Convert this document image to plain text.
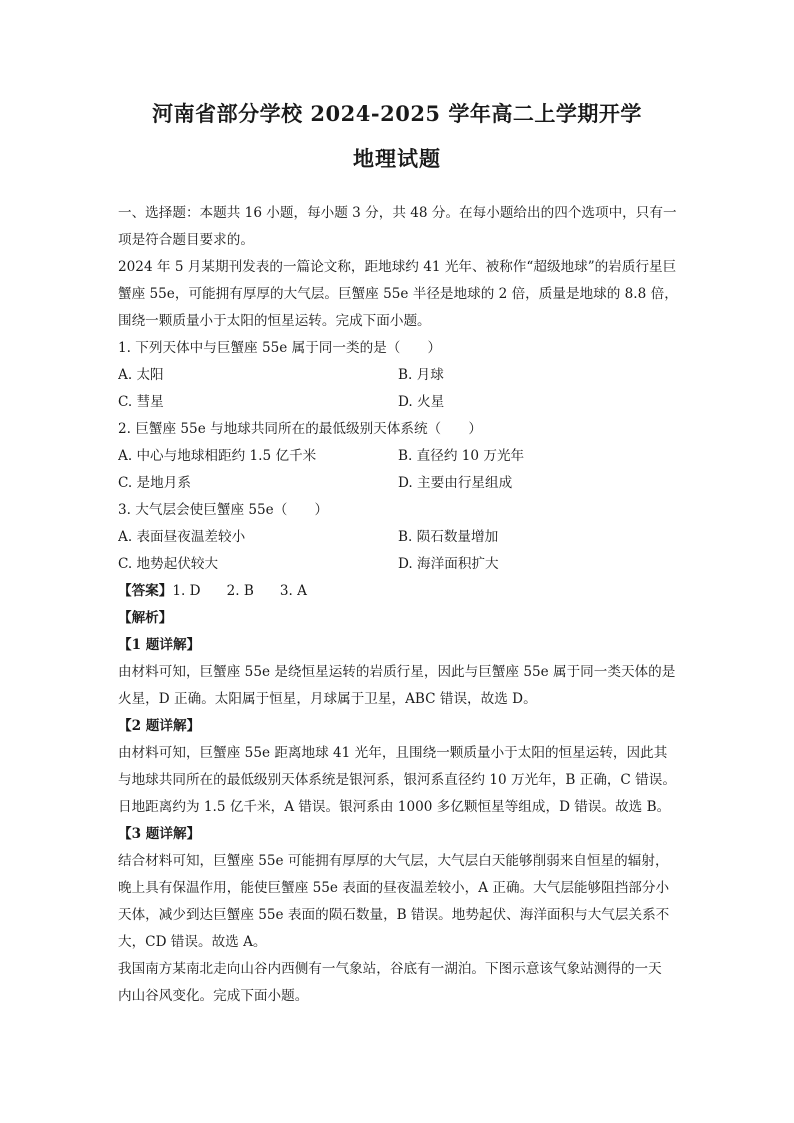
河南省部分学校 2024-2025 学年高二上学期开学
地理试题
一、选择题：本题共 16 小题，每小题 3 分，共 48 分。在每小题给出的四个选项中，只有一
项是符合题目要求的。
2024 年 5 月某期刊发表的一篇论文称，距地球约 41 光年、被称作“超级地球”的岩质行星巨
蟹座 55e，可能拥有厚厚的大气层。巨蟹座 55e 半径是地球的 2 倍，质量是地球的 8.8 倍，
围绕一颗质量小于太阳的恒星运转。完成下面小题。
1. 下列天体中与巨蟹座 55e 属于同一类的是（　　）
A. 太阳	B. 月球
C. 彗星	D. 火星
2. 巨蟹座 55e 与地球共同所在的最低级别天体系统（　　）
A. 中心与地球相距约 1.5 亿千米	B. 直径约 10 万光年
C. 是地月系	D. 主要由行星组成
3. 大气层会使巨蟹座 55e（　　）
A. 表面昼夜温差较小	B. 陨石数量增加
C. 地势起伏较大	D. 海洋面积扩大
【答案】1. D 2. B 3. A
【解析】
【1 题详解】
由材料可知，巨蟹座 55e 是绕恒星运转的岩质行星，因此与巨蟹座 55e 属于同一类天体的是
火星，D 正确。太阳属于恒星，月球属于卫星，ABC 错误，故选 D。
【2 题详解】
由材料可知，巨蟹座 55e 距离地球 41 光年，且围绕一颗质量小于太阳的恒星运转，因此其
与地球共同所在的最低级别天体系统是银河系，银河系直径约 10 万光年，B 正确，C 错误。
日地距离约为 1.5 亿千米，A 错误。银河系由 1000 多亿颗恒星等组成，D 错误。故选 B。
【3 题详解】
结合材料可知，巨蟹座 55e 可能拥有厚厚的大气层，大气层白天能够削弱来自恒星的辐射，
晚上具有保温作用，能使巨蟹座 55e 表面的昼夜温差较小，A 正确。大气层能够阻挡部分小
天体，减少到达巨蟹座 55e 表面的陨石数量，B 错误。地势起伏、海洋面积与大气层关系不
大，CD 错误。故选 A。
我国南方某南北走向山谷内西侧有一气象站，谷底有一湖泊。下图示意该气象站测得的一天
内山谷风变化。完成下面小题。
